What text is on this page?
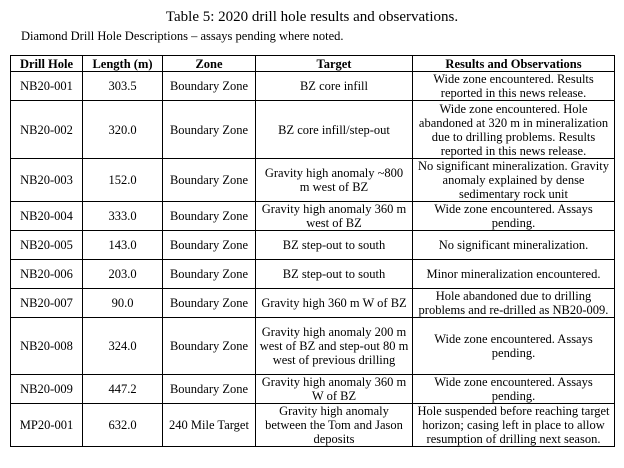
Table 5: 2020 drill hole results and observations.
Diamond Drill Hole Descriptions – assays pending where noted.
Drill Hole	Length (m)	Zone	Target	Results and Observations
NB20-001	303.5	Boundary Zone	BZ core infill	Wide zone encountered. Results reported in this news release.
NB20-002	320.0	Boundary Zone	BZ core infill/step-out	Wide zone encountered. Hole abandoned at 320 m in mineralization due to drilling problems. Results reported in this news release.
NB20-003	152.0	Boundary Zone	Gravity high anomaly ~800 m west of BZ	No significant mineralization. Gravity anomaly explained by dense sedimentary rock unit
NB20-004	333.0	Boundary Zone	Gravity high anomaly 360 m west of BZ	Wide zone encountered. Assays pending.
NB20-005	143.0	Boundary Zone	BZ step-out to south	No significant mineralization.
NB20-006	203.0	Boundary Zone	BZ step-out to south	Minor mineralization encountered.
NB20-007	90.0	Boundary Zone	Gravity high 360 m W of BZ	Hole abandoned due to drilling problems and re-drilled as NB20-009.
NB20-008	324.0	Boundary Zone	Gravity high anomaly 200 m west of BZ and step-out 80 m west of previous drilling	Wide zone encountered. Assays pending.
NB20-009	447.2	Boundary Zone	Gravity high anomaly 360 m W of BZ	Wide zone encountered. Assays pending.
MP20-001	632.0	240 Mile Target	Gravity high anomaly between the Tom and Jason deposits	Hole suspended before reaching target horizon; casing left in place to allow resumption of drilling next season.
